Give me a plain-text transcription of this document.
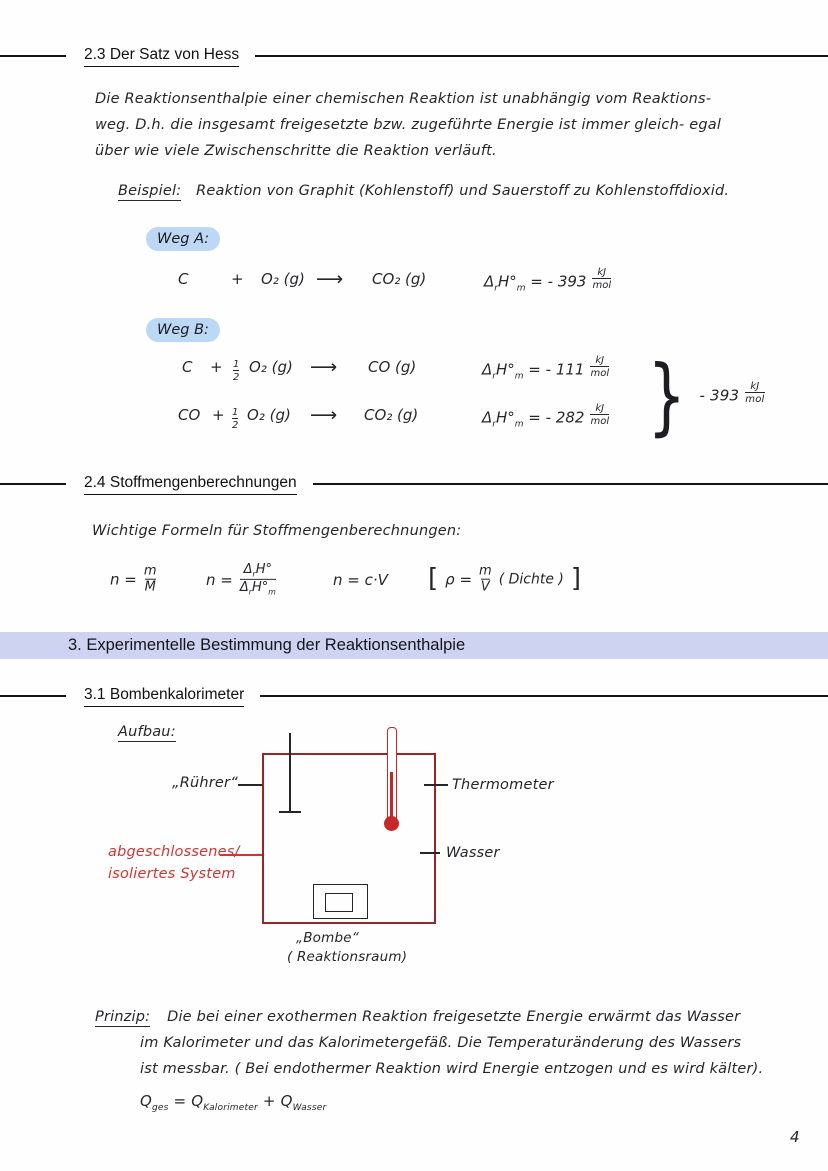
2.3 Der Satz von Hess
Die Reaktionsenthalpie einer chemischen Reaktion ist unabhängig vom Reaktions-
weg. D.h. die insgesamt freigesetzte bzw. zugeführte Energie ist immer gleich- egal
über wie viele Zwischenschritte die Reaktion verläuft.
Beispiel: Reaktion von Graphit (Kohlenstoff) und Sauerstoff zu Kohlenstoffdioxid.
Weg A:
C	+ O₂ (g) ⟶ CO₂ (g)	$\Delta_rH^\circ_m$ = - $393 \frac{kJ}{\text{mol}}$
Weg B:
$C + \frac{1}{2} O_2$ (g) ⟶ CO (g)	$\Delta_rH^\circ_m$ = - $111 \frac{kJ}{\text{mol}}$
CO + $\frac{1}{2} O_2$ (g) ⟶ CO₂ (g)	$\Delta_rH^\circ_m$ = - $282 \frac{kJ}{\text{mol}}$ } - $393 \frac{kJ}{\text{mol}}$
2.4 Stoffmengenberechnungen
Wichtige Formeln für Stoffmengenberechnungen:
$n = \frac{m}{M}$	$n = \frac{\Delta_rH^\circ}{\Delta_rH^\circ_m}$	n = c·V [ $\rho = \frac{m}{V}$ ( Dichte ) ]
3. Experimentelle Bestimmung der Reaktionsenthalpie
3.1 Bombenkalorimeter
Aufbau:
„Rührer“	Thermometer
abgeschlossenes/
isoliertes System
Wasser
„Bombe“
( Reaktionsraum)
Prinzip: Die bei einer exothermen Reaktion freigesetzte Energie erwärmt das Wasser
im Kalorimeter und das Kalorimetergefäß. Die Temperaturänderung des Wassers
ist messbar. ( Bei endothermer Reaktion wird Energie entzogen und es wird kälter).
$Q_{ges} = Q_{Kalorimeter} + Q_{Wasser}$
4
